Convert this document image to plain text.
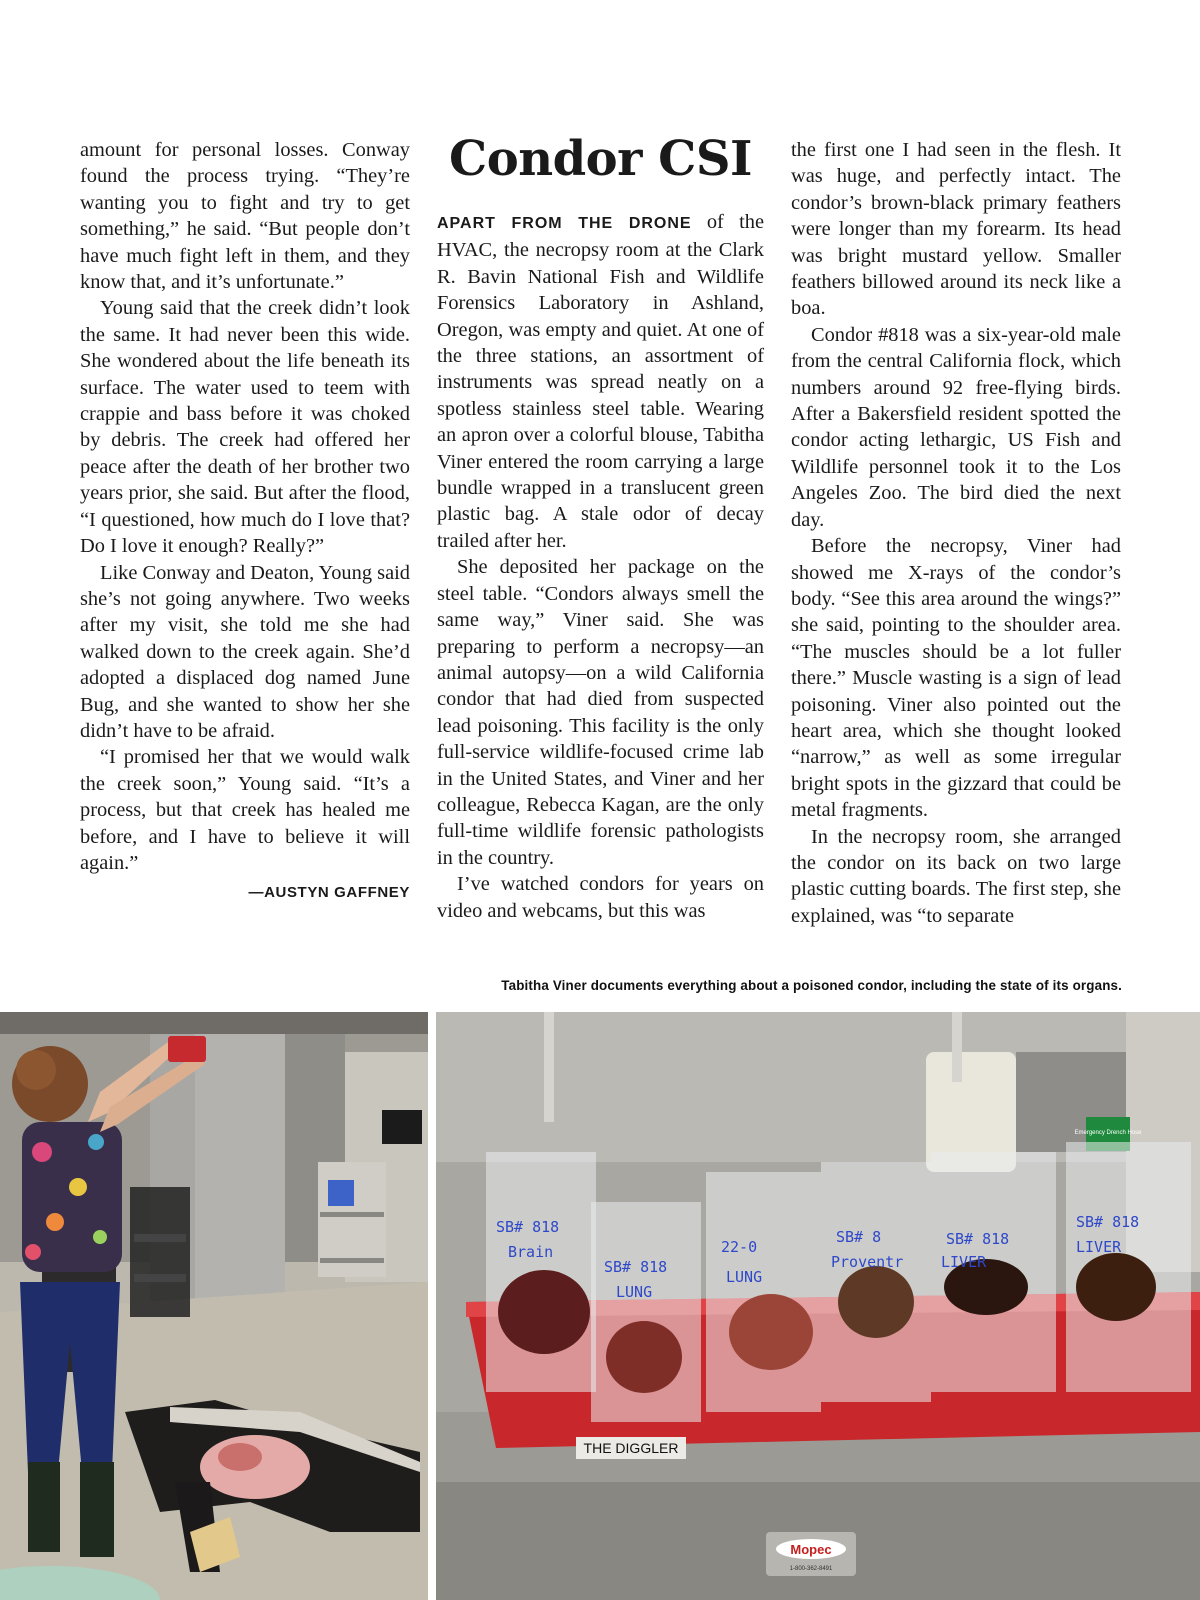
amount for personal losses. Conway found the process trying. “They’re wanting you to fight and try to get something,” he said. “But people don’t have much fight left in them, and they know that, and it’s unfortunate.”

Young said that the creek didn’t look the same. It had never been this wide. She wondered about the life beneath its surface. The water used to teem with crappie and bass before it was choked by debris. The creek had offered her peace after the death of her brother two years prior, she said. But after the flood, “I questioned, how much do I love that? Do I love it enough? Really?”

Like Conway and Deaton, Young said she’s not going anywhere. Two weeks after my visit, she told me she had walked down to the creek again. She’d adopted a displaced dog named June Bug, and she wanted to show her she didn’t have to be afraid.

“I promised her that we would walk the creek soon,” Young said. “It’s a process, but that creek has healed me before, and I have to believe it will again.”

—AUSTYN GAFFNEY
Condor CSI

APART FROM THE DRONE of the HVAC, the necropsy room at the Clark R. Bavin National Fish and Wildlife Forensics Laboratory in Ashland, Oregon, was empty and quiet. At one of the three stations, an assortment of instruments was spread neatly on a spotless stainless steel table. Wearing an apron over a colorful blouse, Tabitha Viner entered the room carrying a large bundle wrapped in a translucent green plastic bag. A stale odor of decay trailed after her.

She deposited her package on the steel table. “Condors always smell the same way,” Viner said. She was preparing to perform a necropsy—an animal autopsy—on a wild California condor that had died from suspected lead poisoning. This facility is the only full-service wildlife-focused crime lab in the United States, and Viner and her colleague, Rebecca Kagan, are the only full-time wildlife forensic pathologists in the country.

I’ve watched condors for years on video and webcams, but this was

the first one I had seen in the flesh. It was huge, and perfectly intact. The condor’s brown-black primary feathers were longer than my forearm. Its head was bright mustard yellow. Smaller feathers billowed around its neck like a boa.

Condor #818 was a six-year-old male from the central California flock, which numbers around 92 free-flying birds. After a Bakersfield resident spotted the condor acting lethargic, US Fish and Wildlife personnel took it to the Los Angeles Zoo. The bird died the next day.

Before the necropsy, Viner had showed me X-rays of the condor’s body. “See this area around the wings?” she said, pointing to the shoulder area. “The muscles should be a lot fuller there.” Muscle wasting is a sign of lead poisoning. Viner also pointed out the heart area, which she thought looked “narrow,” as well as some irregular bright spots in the gizzard that could be metal fragments.

In the necropsy room, she arranged the condor on its back on two large plastic cutting boards. The first step, she explained, was “to separate

Tabitha Viner documents everything about a poisoned condor, including the state of its organs.
Emergency Drench Hose
SB# 818
Brain
SB# 818
LUNG
22-0
LUNG
SB# 8
Proventr
SB# 818
LIVER
SB# 818
LIVER
THE DIGGLER
Mopec
1-800-362-8491
